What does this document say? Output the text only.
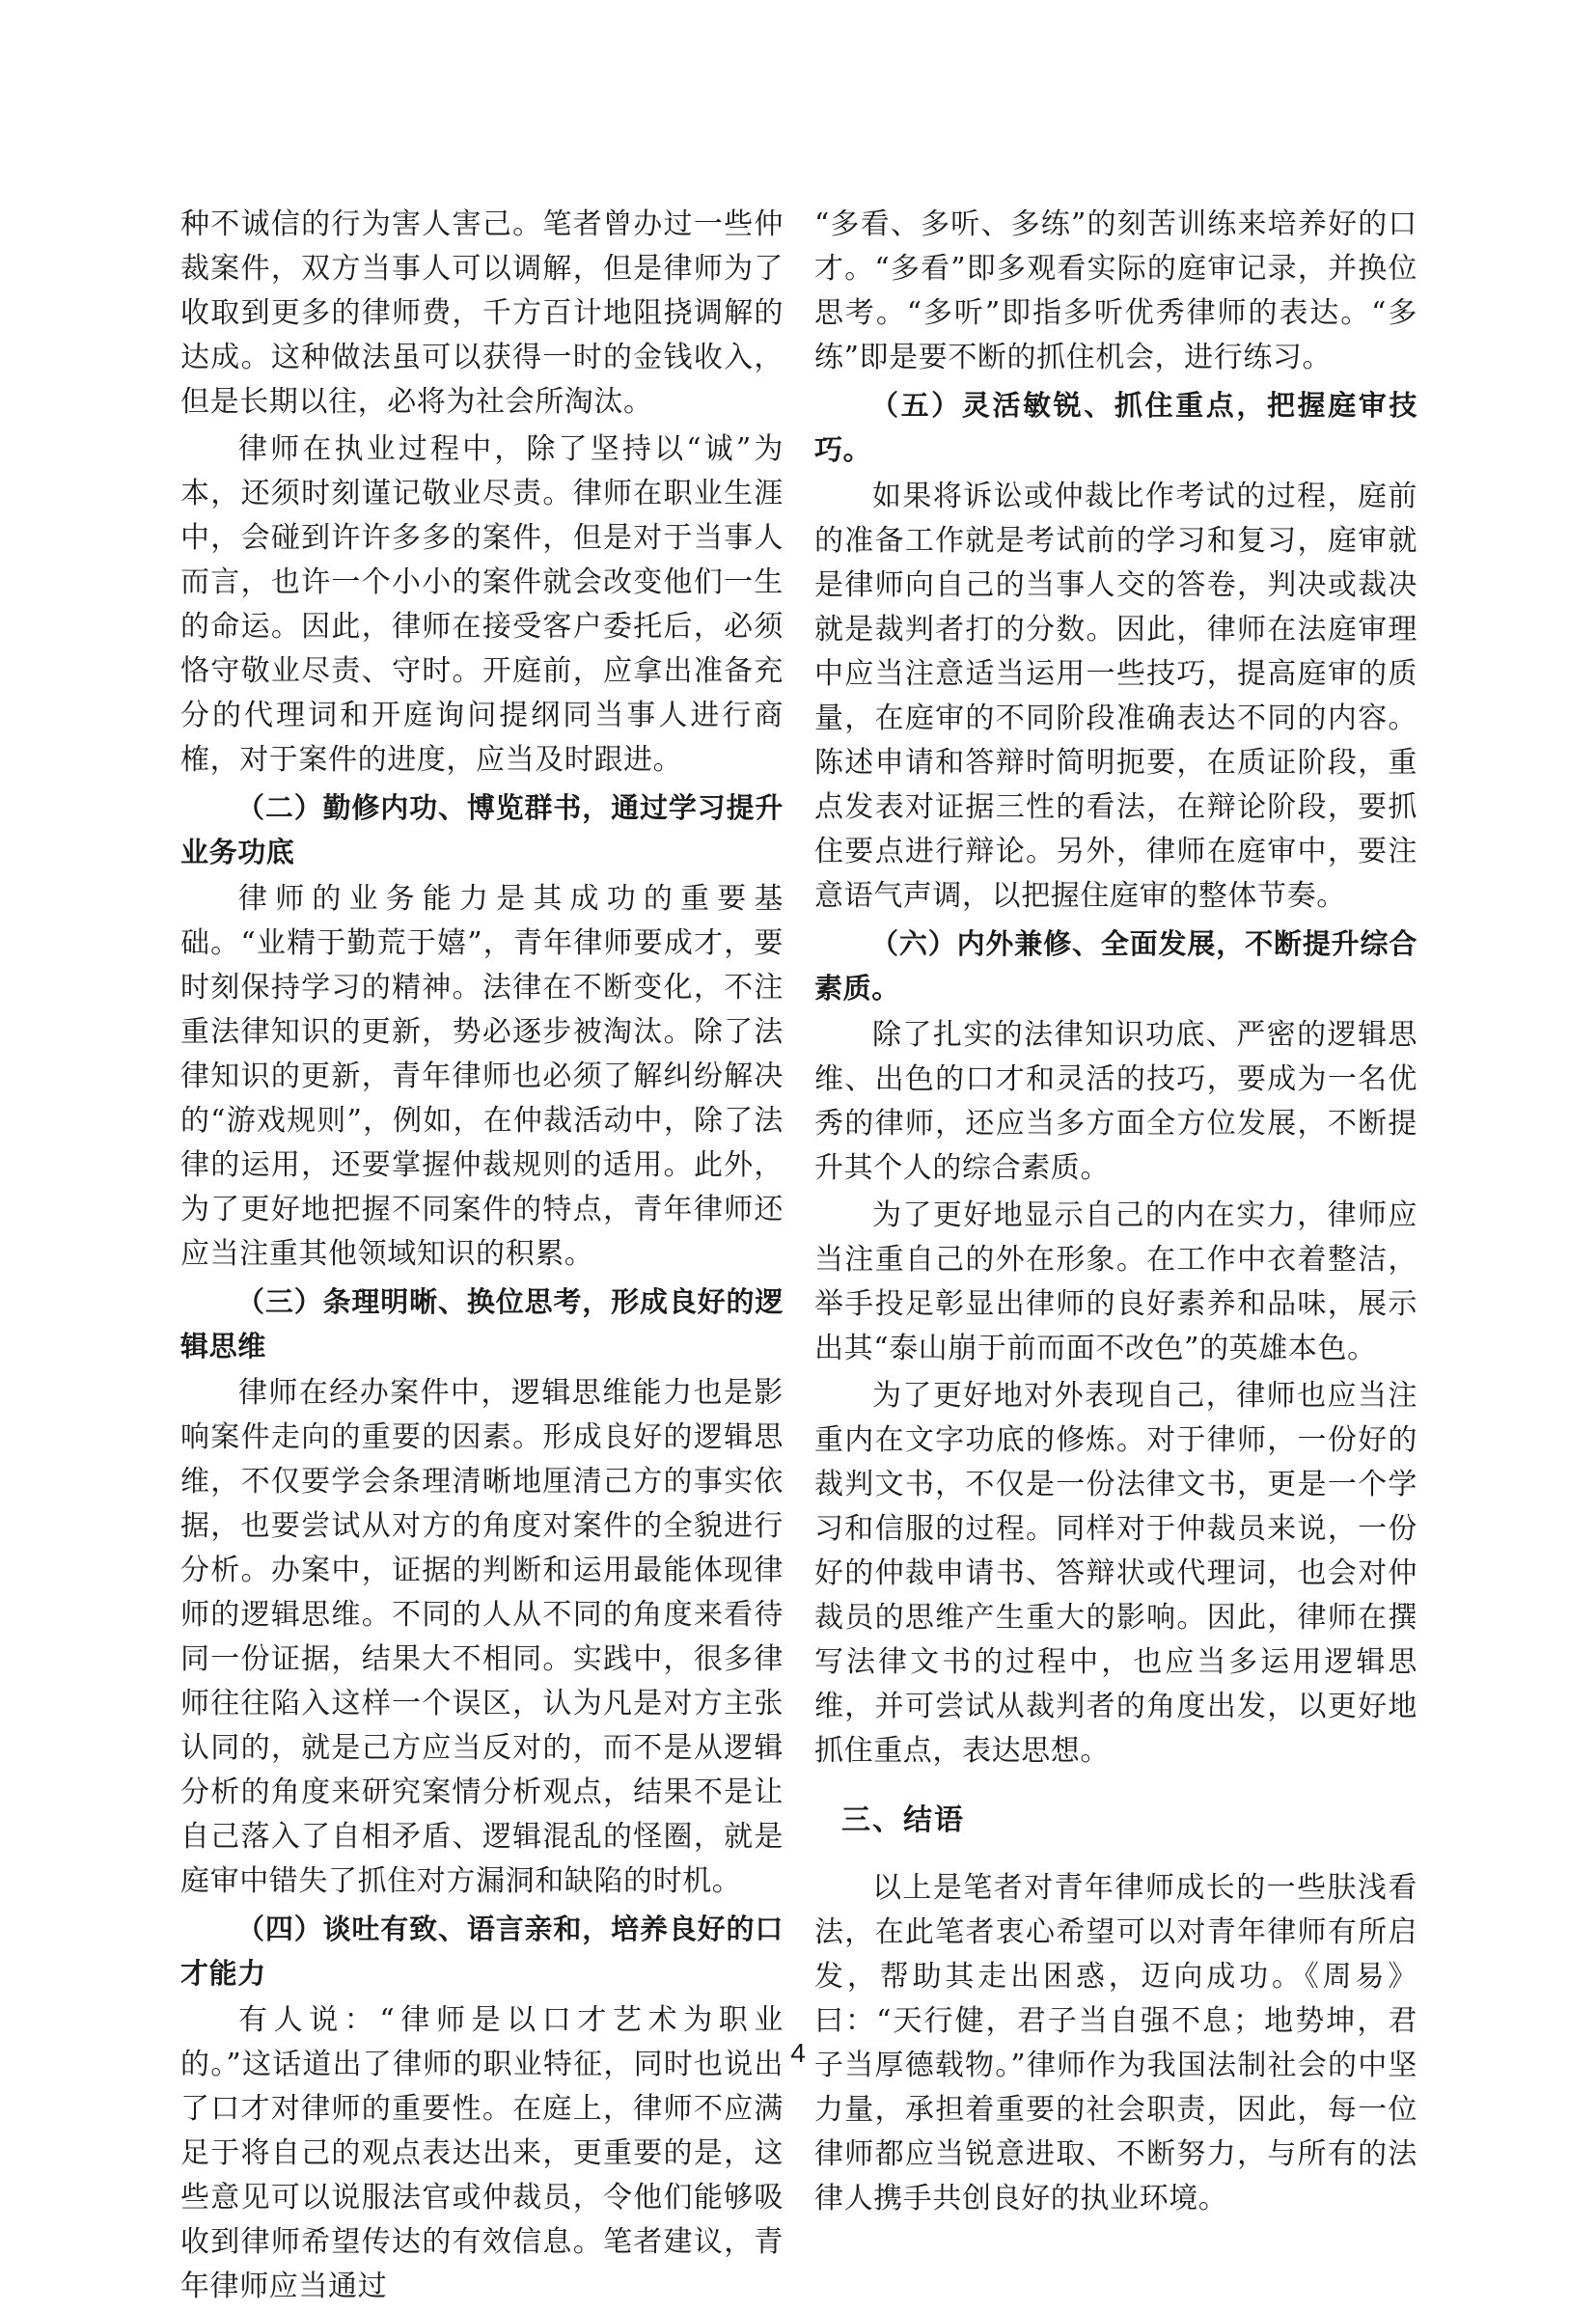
种不诚信的行为害人害己。笔者曾办过一些仲裁案件，双方当事人可以调解，但是律师为了收取到更多的律师费，千方百计地阻挠调解的达成。这种做法虽可以获得一时的金钱收入，但是长期以往，必将为社会所淘汰。

律师在执业过程中，除了坚持以“诚”为本，还须时刻谨记敬业尽责。律师在职业生涯中，会碰到许许多多的案件，但是对于当事人而言，也许一个小小的案件就会改变他们一生的命运。因此，律师在接受客户委托后，必须恪守敬业尽责、守时。开庭前，应拿出准备充分的代理词和开庭询问提纲同当事人进行商榷，对于案件的进度，应当及时跟进。

（二）勤修内功、博览群书，通过学习提升业务功底

律师的业务能力是其成功的重要基础。“业精于勤荒于嬉”，青年律师要成才，要时刻保持学习的精神。法律在不断变化，不注重法律知识的更新，势必逐步被淘汰。除了法律知识的更新，青年律师也必须了解纠纷解决的“游戏规则”，例如，在仲裁活动中，除了法律的运用，还要掌握仲裁规则的适用。此外，为了更好地把握不同案件的特点，青年律师还应当注重其他领域知识的积累。

（三）条理明晰、换位思考，形成良好的逻辑思维

律师在经办案件中，逻辑思维能力也是影响案件走向的重要的因素。形成良好的逻辑思维，不仅要学会条理清晰地厘清己方的事实依据，也要尝试从对方的角度对案件的全貌进行分析。办案中，证据的判断和运用最能体现律师的逻辑思维。不同的人从不同的角度来看待同一份证据，结果大不相同。实践中，很多律师往往陷入这样一个误区，认为凡是对方主张认同的，就是己方应当反对的，而不是从逻辑分析的角度来研究案情分析观点，结果不是让自己落入了自相矛盾、逻辑混乱的怪圈，就是庭审中错失了抓住对方漏洞和缺陷的时机。

（四）谈吐有致、语言亲和，培养良好的口才能力

有人说：“律师是以口才艺术为职业的。”这话道出了律师的职业特征，同时也说出了口才对律师的重要性。在庭上，律师不应满足于将自己的观点表达出来，更重要的是，这些意见可以说服法官或仲裁员，令他们能够吸收到律师希望传达的有效信息。笔者建议，青年律师应当通过

“多看、多听、多练”的刻苦训练来培养好的口才。“多看”即多观看实际的庭审记录，并换位思考。“多听”即指多听优秀律师的表达。“多练”即是要不断的抓住机会，进行练习。

（五）灵活敏锐、抓住重点，把握庭审技巧。

如果将诉讼或仲裁比作考试的过程，庭前的准备工作就是考试前的学习和复习，庭审就是律师向自己的当事人交的答卷，判决或裁决就是裁判者打的分数。因此，律师在法庭审理中应当注意适当运用一些技巧，提高庭审的质量，在庭审的不同阶段准确表达不同的内容。陈述申请和答辩时简明扼要，在质证阶段，重点发表对证据三性的看法，在辩论阶段，要抓住要点进行辩论。另外，律师在庭审中，要注意语气声调，以把握住庭审的整体节奏。

（六）内外兼修、全面发展，不断提升综合素质。

除了扎实的法律知识功底、严密的逻辑思维、出色的口才和灵活的技巧，要成为一名优秀的律师，还应当多方面全方位发展，不断提升其个人的综合素质。

为了更好地显示自己的内在实力，律师应当注重自己的外在形象。在工作中衣着整洁，举手投足彰显出律师的良好素养和品味，展示出其“泰山崩于前而面不改色”的英雄本色。

为了更好地对外表现自己，律师也应当注重内在文字功底的修炼。对于律师，一份好的裁判文书，不仅是一份法律文书，更是一个学习和信服的过程。同样对于仲裁员来说，一份好的仲裁申请书、答辩状或代理词，也会对仲裁员的思维产生重大的影响。因此，律师在撰写法律文书的过程中，也应当多运用逻辑思维，并可尝试从裁判者的角度出发，以更好地抓住重点，表达思想。

三、结语

以上是笔者对青年律师成长的一些肤浅看法，在此笔者衷心希望可以对青年律师有所启发，帮助其走出困惑，迈向成功。《周易》曰：“天行健，君子当自强不息；地势坤，君子当厚德载物。”律师作为我国法制社会的中坚力量，承担着重要的社会职责，因此，每一位律师都应当锐意进取、不断努力，与所有的法律人携手共创良好的执业环境。

4
